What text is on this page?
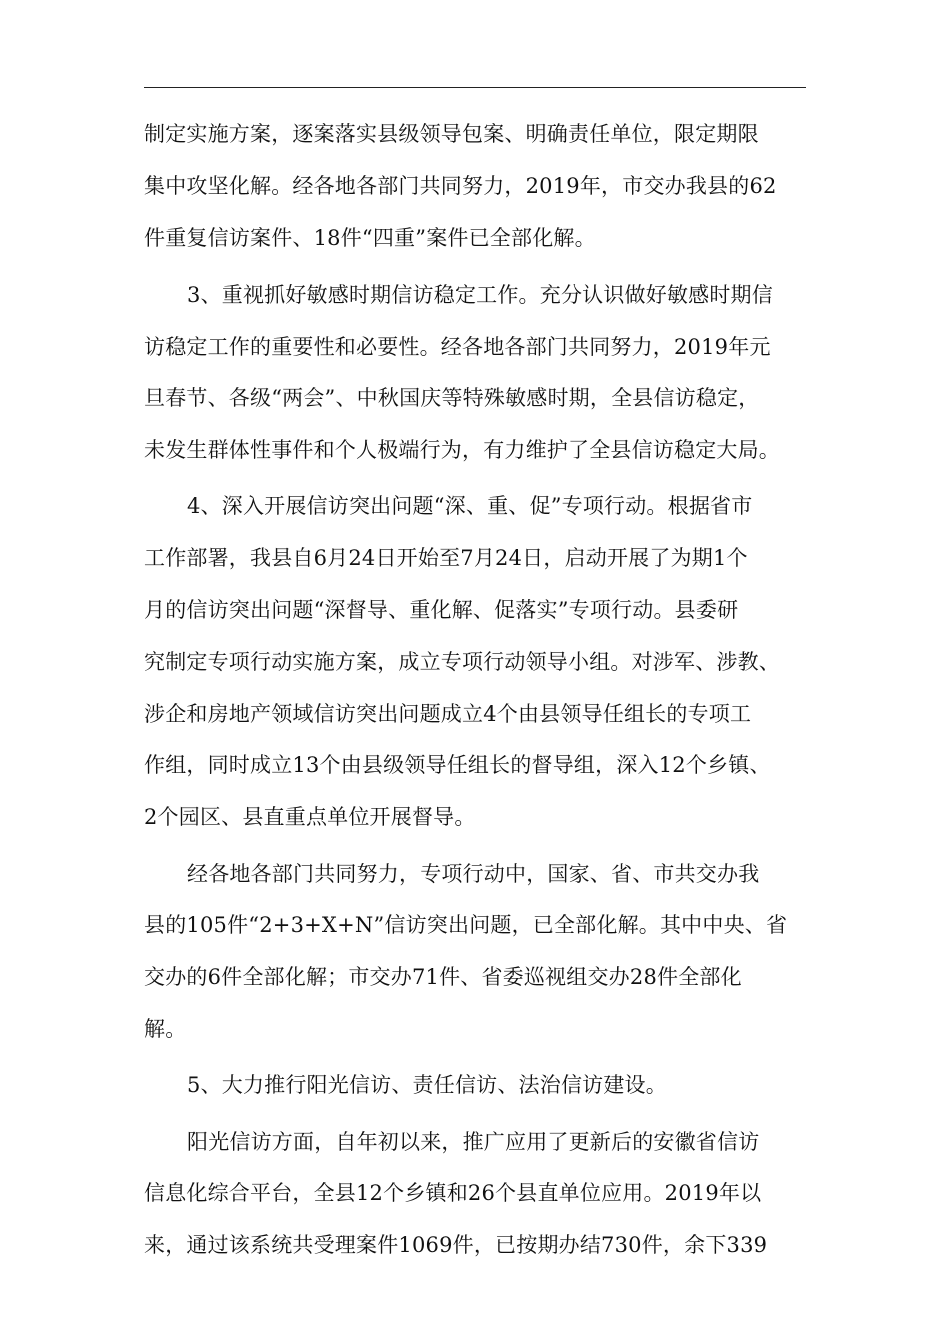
制定实施方案，逐案落实县级领导包案、明确责任单位，限定期限
集中攻坚化解。经各地各部门共同努力，2019年，市交办我县的62
件重复信访案件、18件“四重”案件已全部化解。
3、重视抓好敏感时期信访稳定工作。充分认识做好敏感时期信
访稳定工作的重要性和必要性。经各地各部门共同努力，2019年元
旦春节、各级“两会”、中秋国庆等特殊敏感时期，全县信访稳定，
未发生群体性事件和个人极端行为，有力维护了全县信访稳定大局。
4、深入开展信访突出问题“深、重、促”专项行动。根据省市
工作部署，我县自6月24日开始至7月24日，启动开展了为期1个
月的信访突出问题“深督导、重化解、促落实”专项行动。县委研
究制定专项行动实施方案，成立专项行动领导小组。对涉军、涉教、
涉企和房地产领域信访突出问题成立4个由县领导任组长的专项工
作组，同时成立13个由县级领导任组长的督导组，深入12个乡镇、
2个园区、县直重点单位开展督导。
经各地各部门共同努力，专项行动中，国家、省、市共交办我
县的105件“2+3+X+N”信访突出问题，已全部化解。其中中央、省
交办的6件全部化解；市交办71件、省委巡视组交办28件全部化
解。
5、大力推行阳光信访、责任信访、法治信访建设。
阳光信访方面，自年初以来，推广应用了更新后的安徽省信访
信息化综合平台，全县12个乡镇和26个县直单位应用。2019年以
来，通过该系统共受理案件1069件，已按期办结730件，余下339
